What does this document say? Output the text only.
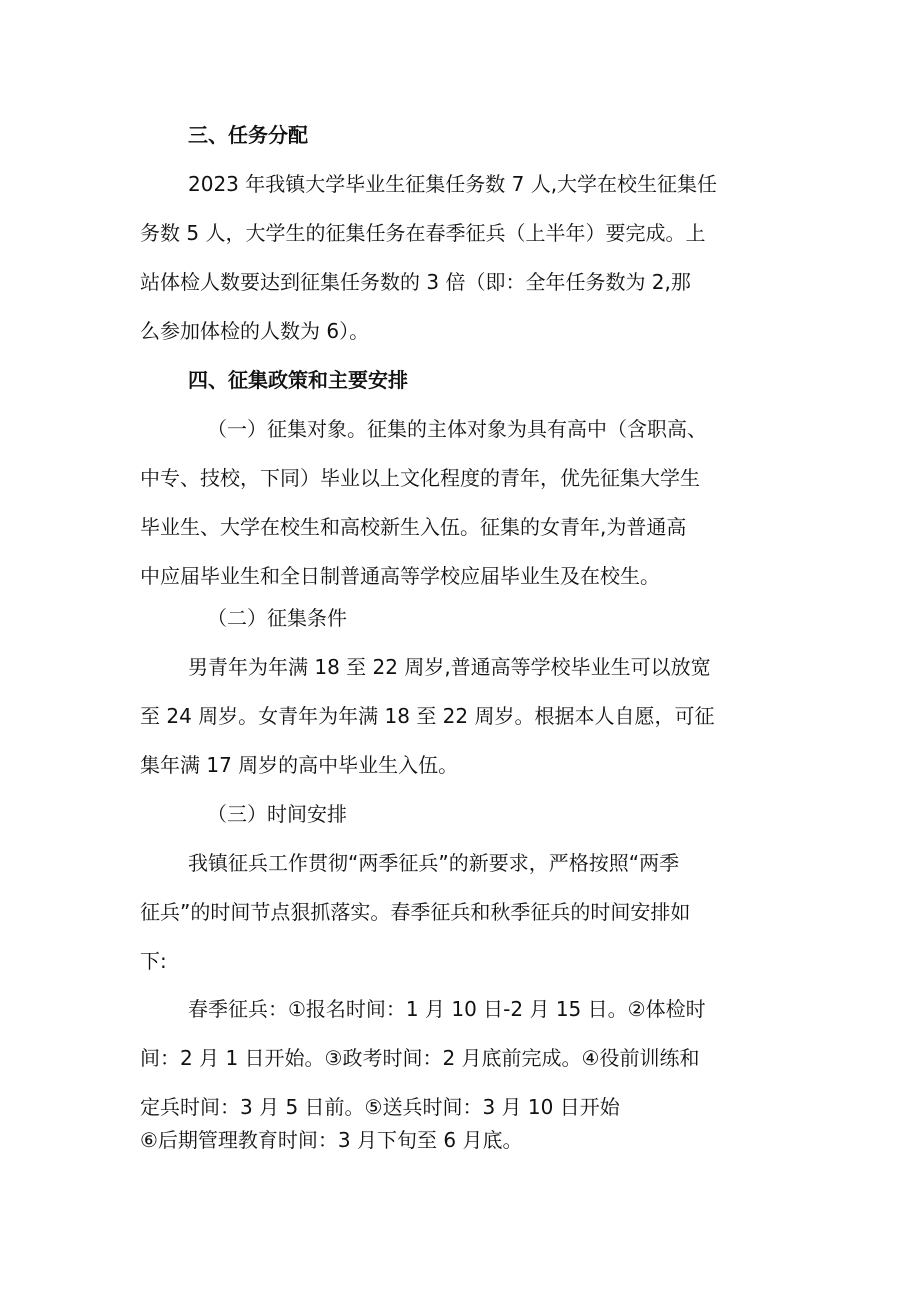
三、任务分配
2023 年我镇大学毕业生征集任务数 7 人,大学在校生征集任
务数 5 人，大学生的征集任务在春季征兵（上半年）要完成。上
站体检人数要达到征集任务数的 3 倍（即：全年任务数为 2,那
么参加体检的人数为 6）。
四、征集政策和主要安排
（一）征集对象。征集的主体对象为具有高中（含职高、
中专、技校，下同）毕业以上文化程度的青年，优先征集大学生
毕业生、大学在校生和高校新生入伍。征集的女青年,为普通高
中应届毕业生和全日制普通高等学校应届毕业生及在校生。
（二）征集条件
男青年为年满 18 至 22 周岁,普通高等学校毕业生可以放宽
至 24 周岁。女青年为年满 18 至 22 周岁。根据本人自愿，可征
集年满 17 周岁的高中毕业生入伍。
（三）时间安排
我镇征兵工作贯彻“两季征兵”的新要求，严格按照“两季
征兵”的时间节点狠抓落实。春季征兵和秋季征兵的时间安排如
下:
春季征兵：①报名时间：1 月 10 日-2 月 15 日。②体检时
间：2 月 1 日开始。③政考时间：2 月底前完成。④役前训练和
定兵时间：3 月 5 日前。⑤送兵时间：3 月 10 日开始
⑥后期管理教育时间：3 月下旬至 6 月底。
